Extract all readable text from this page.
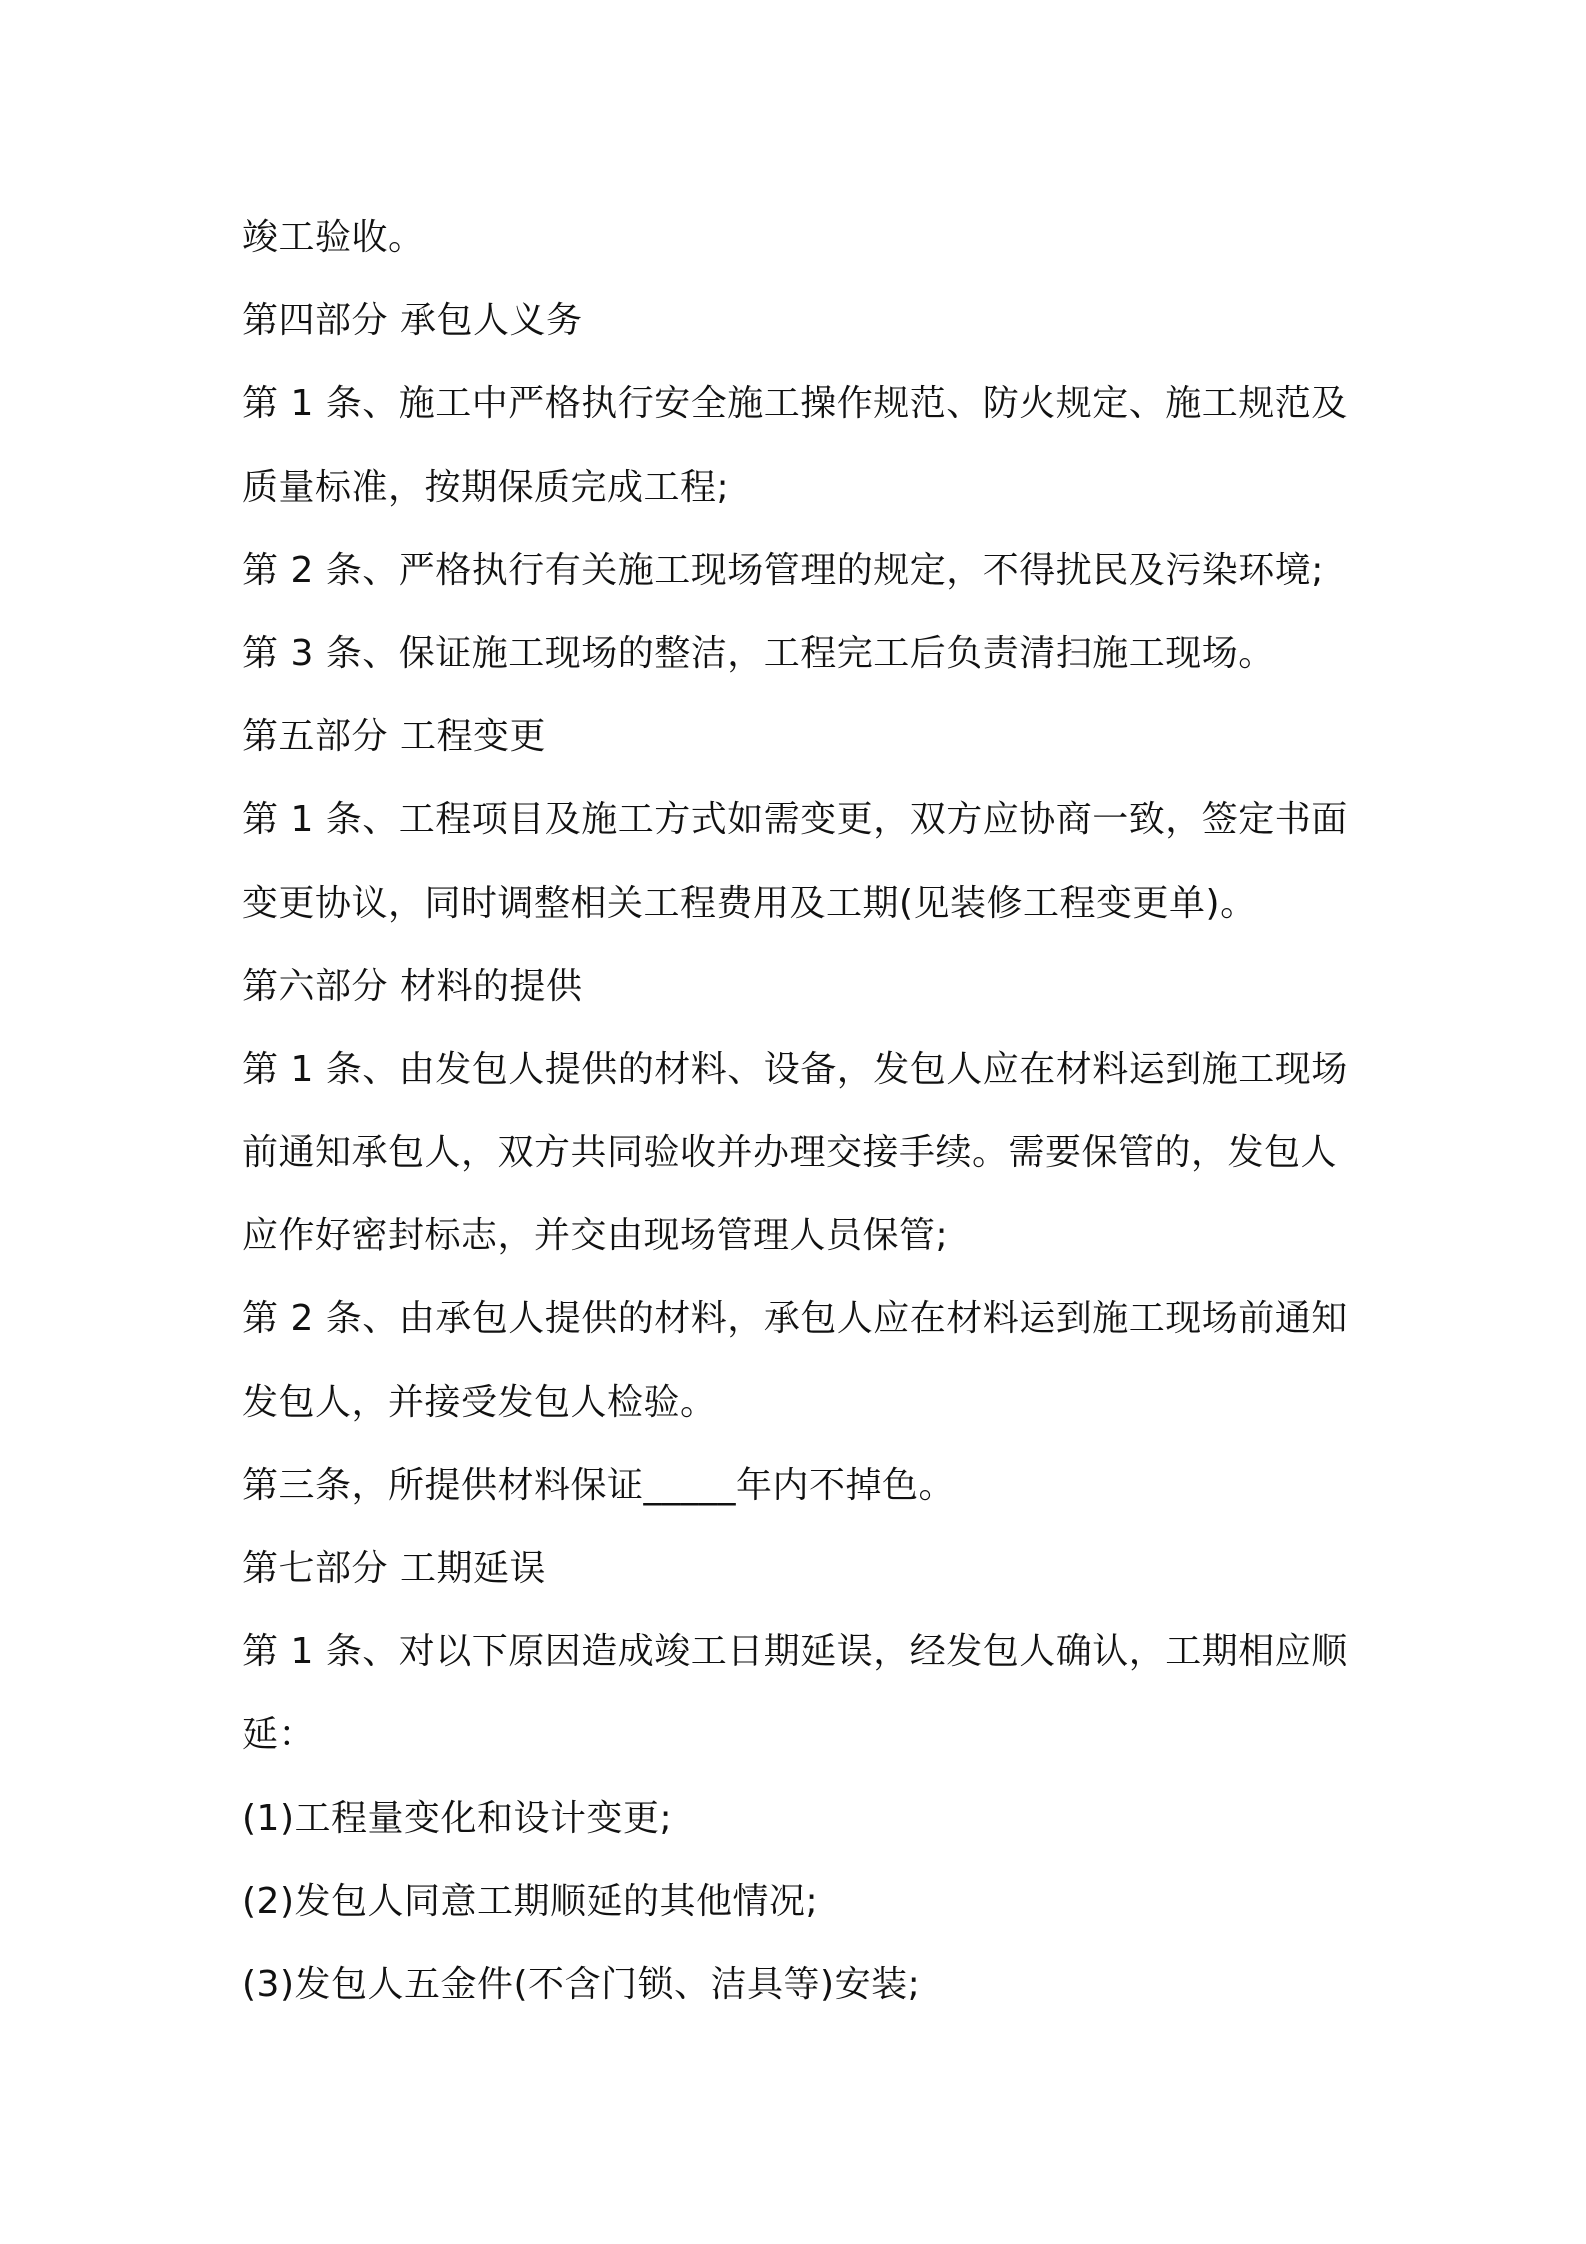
竣工验收。
第四部分 承包人义务
第 1 条、施工中严格执行安全施工操作规范、防火规定、施工规范及
质量标准，按期保质完成工程;
第 2 条、严格执行有关施工现场管理的规定，不得扰民及污染环境;
第 3 条、保证施工现场的整洁，工程完工后负责清扫施工现场。
第五部分 工程变更
第 1 条、工程项目及施工方式如需变更，双方应协商一致，签定书面
变更协议，同时调整相关工程费用及工期(见装修工程变更单)。
第六部分 材料的提供
第 1 条、由发包人提供的材料、设备，发包人应在材料运到施工现场
前通知承包人，双方共同验收并办理交接手续。需要保管的，发包人
应作好密封标志，并交由现场管理人员保管;
第 2 条、由承包人提供的材料，承包人应在材料运到施工现场前通知
发包人，并接受发包人检验。
第三条，所提供材料保证_____年内不掉色。
第七部分 工期延误
第 1 条、对以下原因造成竣工日期延误，经发包人确认，工期相应顺
延：
(1)工程量变化和设计变更;
(2)发包人同意工期顺延的其他情况;
(3)发包人五金件(不含门锁、洁具等)安装;
